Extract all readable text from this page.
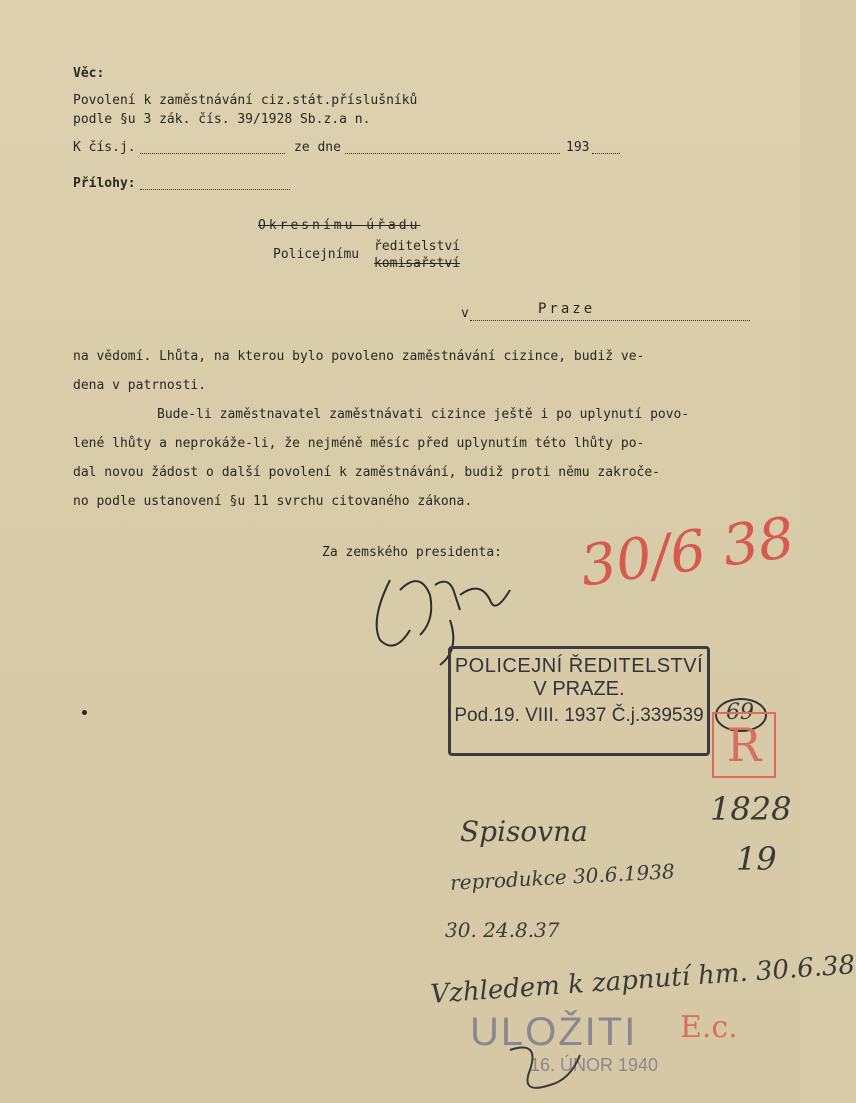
Věc:
Povolení k zaměstnávání ciz.stát.příslušníků
podle §u 3 zák. čís. 39/1928 Sb.z.a n.
K čís.j.	ze dne	193
Přílohy:
Okresnímu úřadu
Policejnímu
ředitelství
komisařství
v	Praze

na vědomí. Lhůta, na kterou bylo povoleno zaměstnávání cizince, budiž ve-

dena v patrnosti.

Bude-li zaměstnavatel zaměstnávati cizince ještě i po uplynutí povo-

lené lhůty a neprokáže-li, že nejméně měsíc před uplynutím této lhůty po-

dal novou žádost o další povolení k zaměstnávání, budiž proti němu zakroče-

no podle ustanovení §u 11 svrchu citovaného zákona.

Za zemského presidenta:
POLICEJNÍ ŘEDITELSTVÍ
V PRAZE.
Pod.19. VIII. 1937 Č.j.339539
30/6 38
69
R
1828
19
Spisovna
reprodukce 30.6.1938
30. 24.8.37
Vzhledem k zapnutí hm. 30.6.38
ULOŽITI
16. ÚNOR 1940
E.c.
